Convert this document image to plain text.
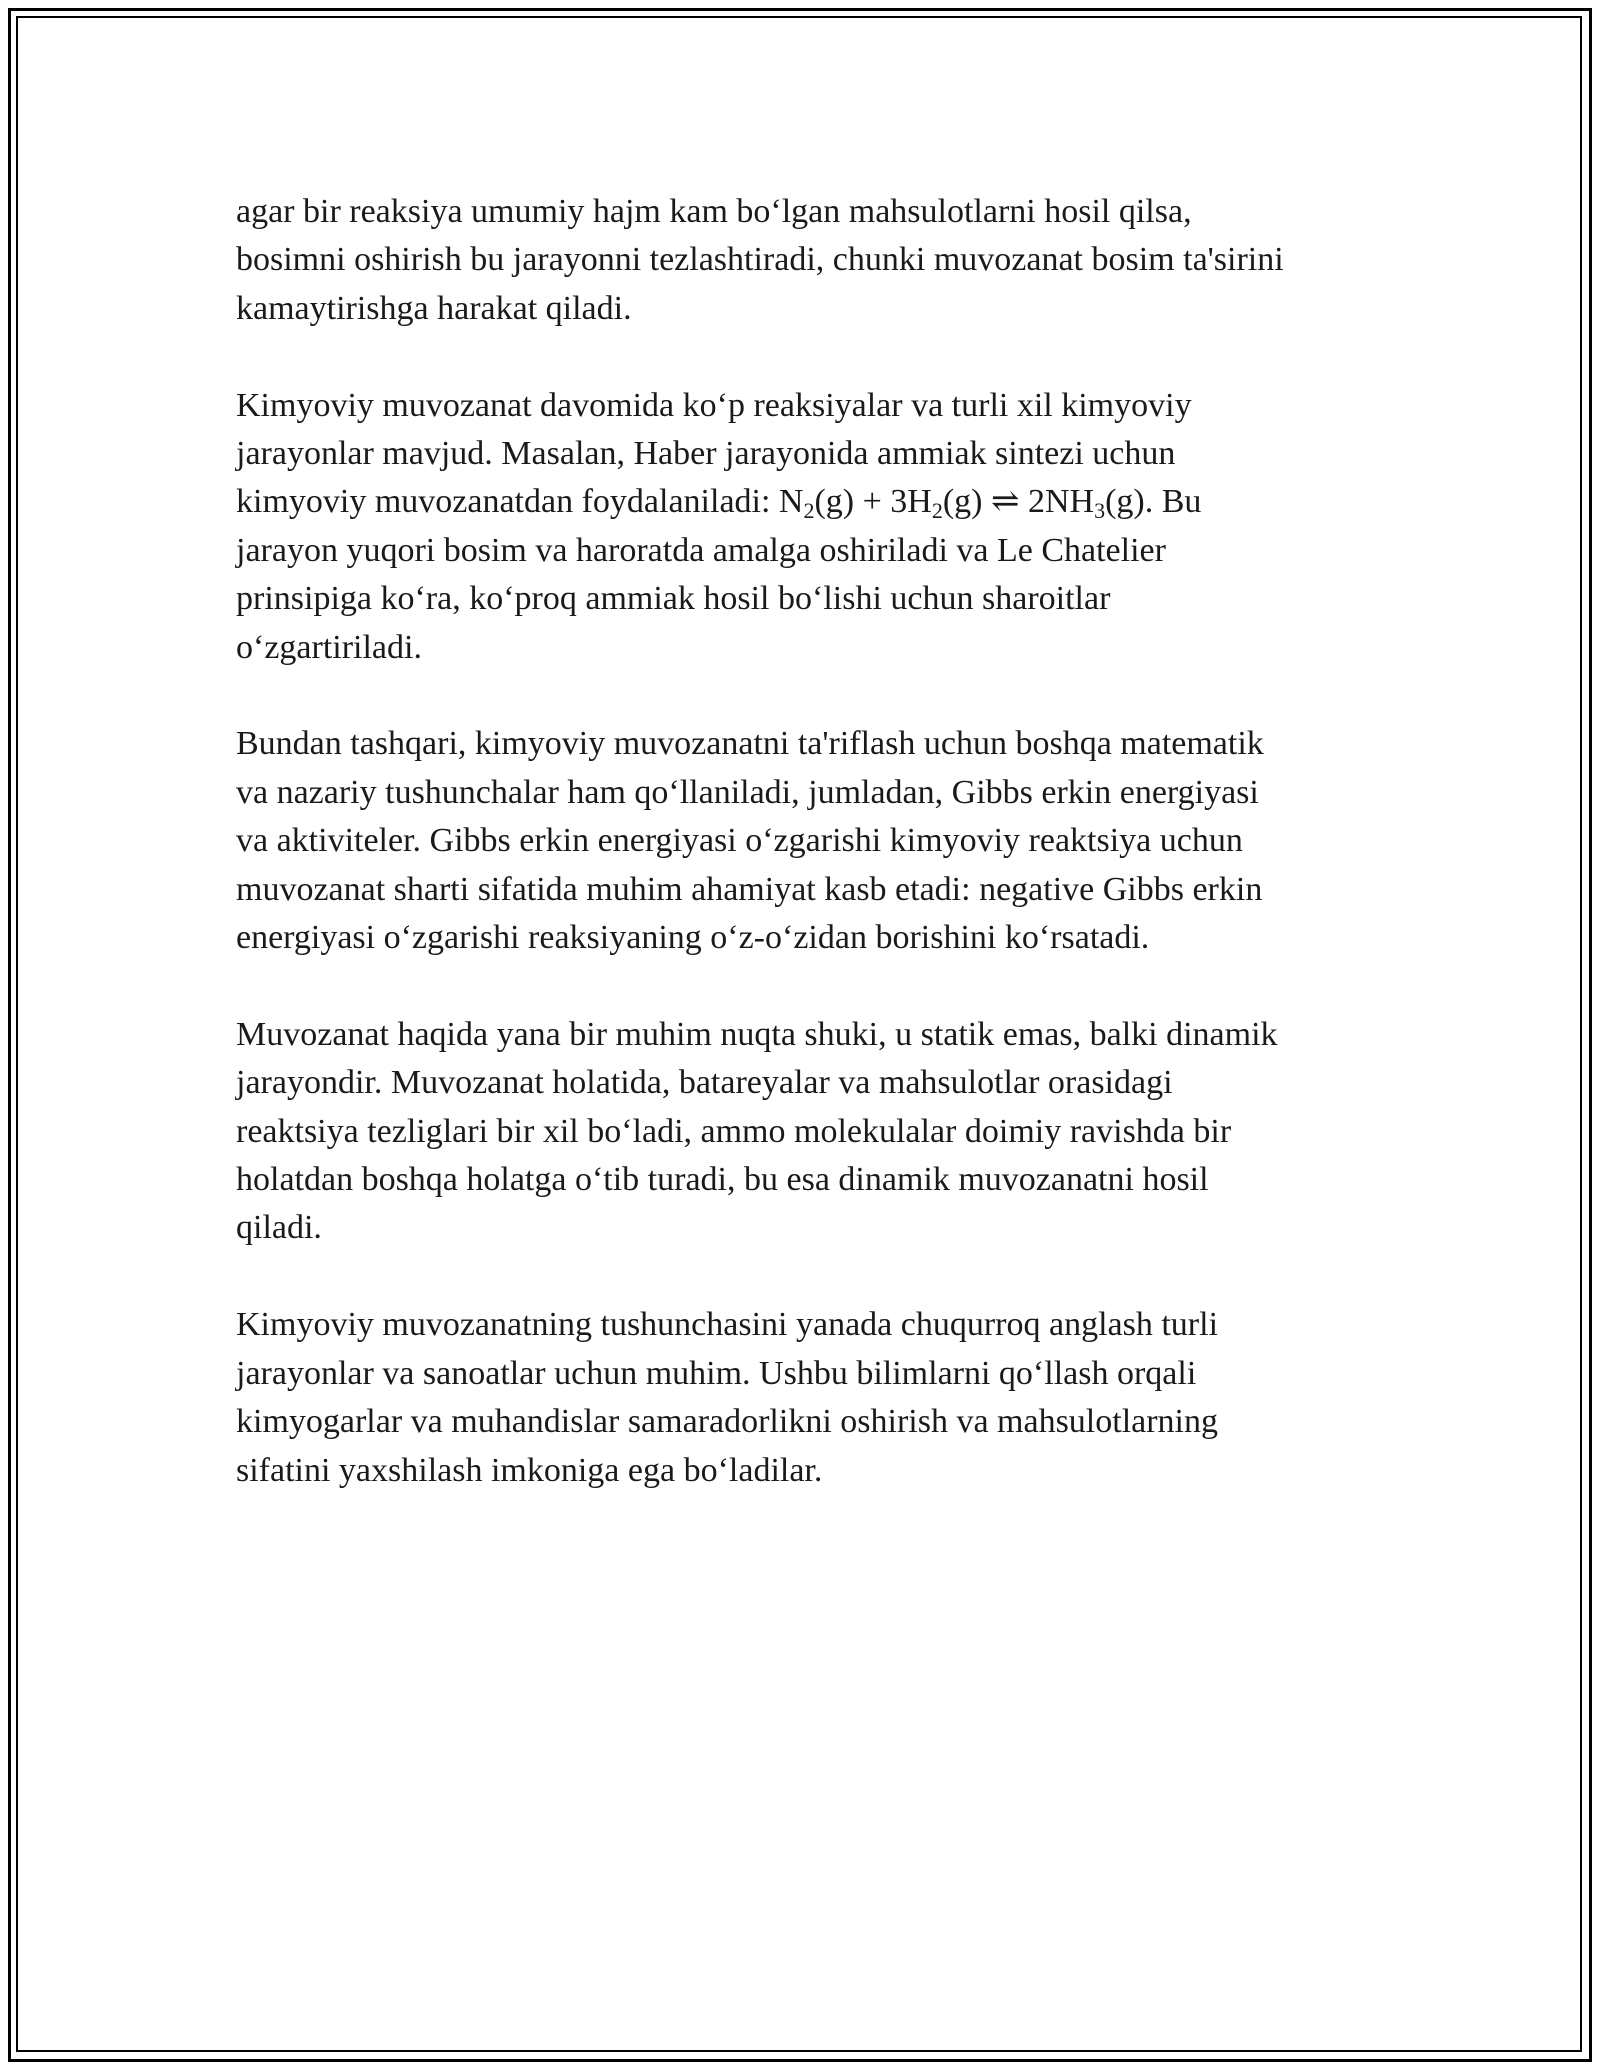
agar bir reaksiya umumiy hajm kam bo‘lgan mahsulotlarni hosil qilsa,
bosimni oshirish bu jarayonni tezlashtiradi, chunki muvozanat bosim ta'sirini
kamaytirishga harakat qiladi.

Kimyoviy muvozanat davomida ko‘p reaksiyalar va turli xil kimyoviy
jarayonlar mavjud. Masalan, Haber jarayonida ammiak sintezi uchun
kimyoviy muvozanatdan foydalaniladi: $N_2(g) + 3H_2(g)$ ⇌ $2NH_3(g)$. Bu
jarayon yuqori bosim va haroratda amalga oshiriladi va Le Chatelier
prinsipiga ko‘ra, ko‘proq ammiak hosil bo‘lishi uchun sharoitlar
o‘zgartiriladi.

Bundan tashqari, kimyoviy muvozanatni ta'riflash uchun boshqa matematik
va nazariy tushunchalar ham qo‘llaniladi, jumladan, Gibbs erkin energiyasi
va aktiviteler. Gibbs erkin energiyasi o‘zgarishi kimyoviy reaktsiya uchun
muvozanat sharti sifatida muhim ahamiyat kasb etadi: negative Gibbs erkin
energiyasi o‘zgarishi reaksiyaning o‘z-o‘zidan borishini ko‘rsatadi.

Muvozanat haqida yana bir muhim nuqta shuki, u statik emas, balki dinamik
jarayondir. Muvozanat holatida, batareyalar va mahsulotlar orasidagi
reaktsiya tezliglari bir xil bo‘ladi, ammo molekulalar doimiy ravishda bir
holatdan boshqa holatga o‘tib turadi, bu esa dinamik muvozanatni hosil
qiladi.

Kimyoviy muvozanatning tushunchasini yanada chuqurroq anglash turli
jarayonlar va sanoatlar uchun muhim. Ushbu bilimlarni qo‘llash orqali
kimyogarlar va muhandislar samaradorlikni oshirish va mahsulotlarning
sifatini yaxshilash imkoniga ega bo‘ladilar.
